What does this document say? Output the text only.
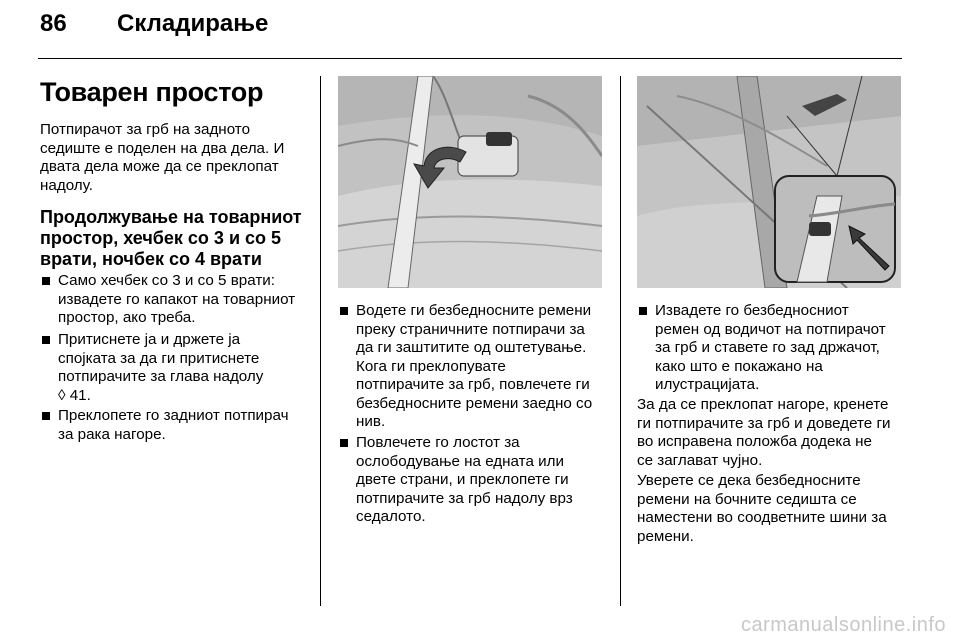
86 Складирање
Товарен простор
Потпирачот за грб на задното
седиште е поделен на два дела. И
двата дела може да се преклопат
надолу.
Продолжување на товарниот
простор, хечбек со 3 и со 5
врати, ночбек со 4 врати
Само хечбек со 3 и со 5 врати:
извадете го капакот на товарниот
простор, ако треба.
Притиснете ја и држете ја
спојката за да ги притиснете
потпирачите за глава надолу
◊ 41.
Преклопете го задниот потпирач
за рака нагоре.
Водете ги безбедносните ремени
преку страничните потпирачи за
да ги заштитите од оштетување.
Кога ги преклопувате
потпирачите за грб, повлечете ги
безбедносните ремени заедно со
нив.
Повлечете го лостот за
ослободување на едната или
двете страни, и преклопете ги
потпирачите за грб надолу врз
седалото.
Извадете го безбедносниот
ремен од водичот на потпирачот
за грб и ставете го зад држачот,
како што е покажано на
илустрацијата.
За да се преклопат нагоре, кренете
ги потпирачите за грб и доведете ги
во исправена положба додека не
се заглават чујно.
Уверете се дека безбедносните
ремени на бочните седишта се
наместени во соодветните шини за
ремени.
carmanualsonline.info
